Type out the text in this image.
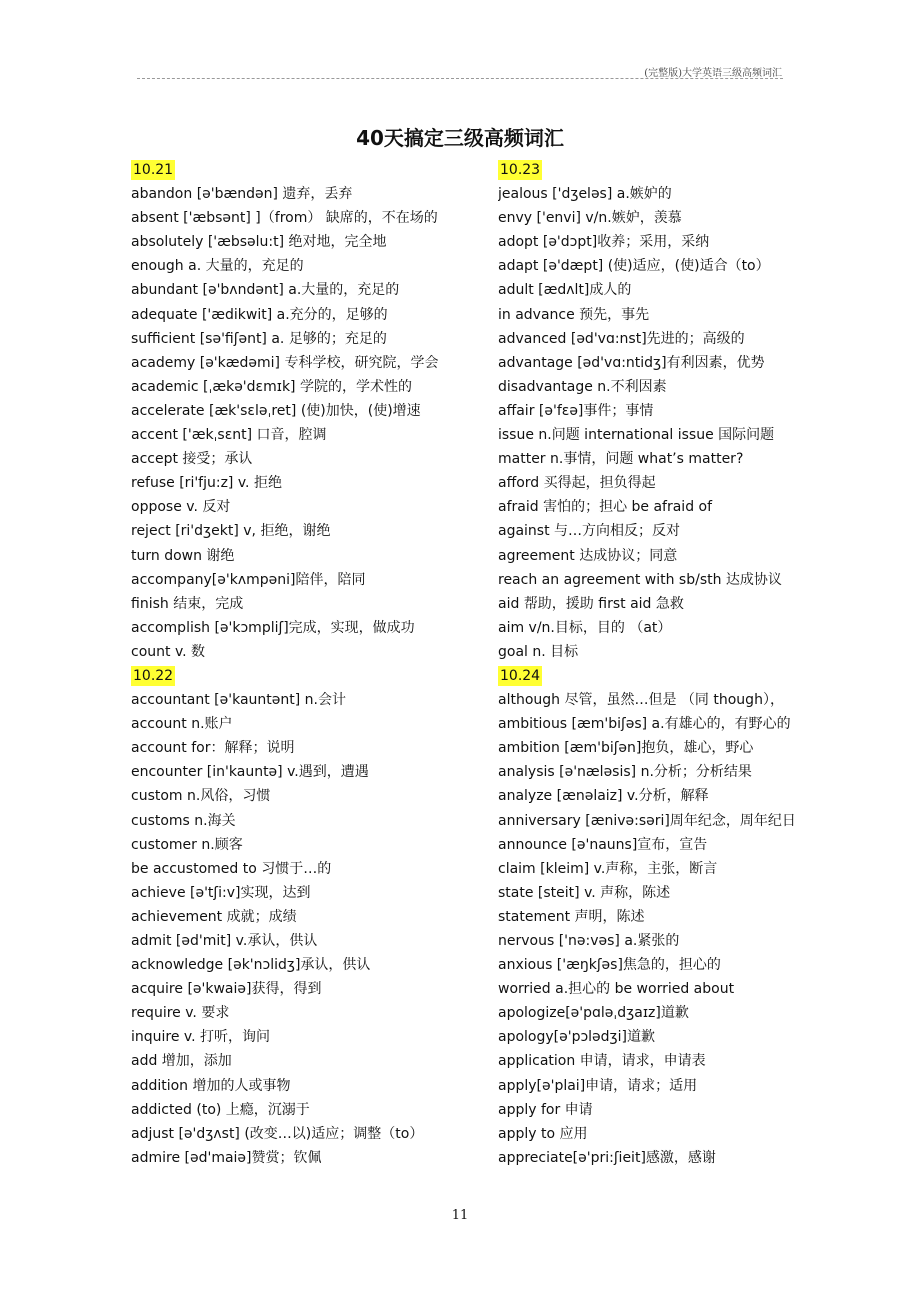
(完整版)大学英语三级高频词汇
40天搞定三级高频词汇
10.21
abandon [ə'bændən] 遗弃，丢弃
absent ['æbsənt] ]（from） 缺席的，不在场的
absolutely ['æbsəlu:t] 绝对地，完全地
enough a. 大量的，充足的
abundant [ə'bʌndənt] a.大量的，充足的
adequate ['ædikwit] a.充分的，足够的
sufficient [sə'fiʃənt] a. 足够的；充足的
academy [ə'kædəmi] 专科学校，研究院，学会
academic [ˌækə'dɛmɪk] 学院的，学术性的
accelerate [æk'sɛləˌret] (使)加快，(使)增速
accent ['ækˌsɛnt] 口音，腔调
accept 接受；承认
refuse [ri'fju:z] v. 拒绝
oppose v. 反对
reject [ri'dʒekt] v, 拒绝，谢绝
turn down 谢绝
accompany[ə'kʌmpəni]陪伴，陪同
finish 结束，完成
accomplish [ə'kɔmpliʃ]完成，实现，做成功
count v. 数
10.22
accountant [ə'kauntənt] n.会计
account n.账户
account for：解释；说明
encounter [in'kauntə] v.遇到，遭遇
custom n.风俗，习惯
customs n.海关
customer n.顾客
be accustomed to 习惯于…的
achieve [ə'tʃi:v]实现，达到
achievement 成就；成绩
admit [əd'mit] v.承认，供认
acknowledge [ək'nɔlidʒ]承认，供认
acquire [ə'kwaiə]获得，得到
require v. 要求
inquire v. 打听，询问
add 增加，添加
addition 增加的人或事物
addicted (to) 上瘾，沉溺于
adjust [ə'dʒʌst] (改变…以)适应；调整（to）
admire [əd'maiə]赞赏；钦佩
10.23
jealous ['dʒeləs] a.嫉妒的
envy ['envi] v/n.嫉妒，羡慕
adopt [ə'dɔpt]收养；采用，采纳
adapt [ə'dæpt] (使)适应，(使)适合（to）
adult [ædʌlt]成人的
in advance 预先，事先
advanced [əd'vɑ:nst]先进的；高级的
advantage [əd'vɑ:ntidʒ]有利因素，优势
disadvantage n.不利因素
affair [ə'fɛə]事件；事情
issue n.问题 international issue 国际问题
matter n.事情，问题 what’s matter?
afford 买得起，担负得起
afraid 害怕的；担心 be afraid of
against 与…方向相反；反对
agreement 达成协议；同意
reach an agreement with sb/sth 达成协议
aid 帮助，援助 first aid 急救
aim v/n.目标，目的 （at）
goal n. 目标
10.24
although 尽管，虽然…但是 （同 though），
ambitious [æm'biʃəs] a.有雄心的，有野心的
ambition [æm'biʃən]抱负，雄心，野心
analysis [ə'næləsis] n.分析；分析结果
analyze [ænəlaiz] v.分析，解释
anniversary [ænivə:səri]周年纪念，周年纪日
announce [ə'nauns]宣布，宣告
claim [kleim] v.声称，主张，断言
state [steit] v. 声称，陈述
statement 声明，陈述
nervous ['nə:vəs] a.紧张的
anxious ['æŋkʃəs]焦急的，担心的
worried a.担心的 be worried about
apologize[ə'pɑləˌdʒaɪz]道歉
apology[ə'pɔlədʒi]道歉
application 申请，请求，申请表
apply[ə'plai]申请，请求；适用
apply for 申请
apply to 应用
appreciate[ə'pri:ʃieit]感激，感谢
11
